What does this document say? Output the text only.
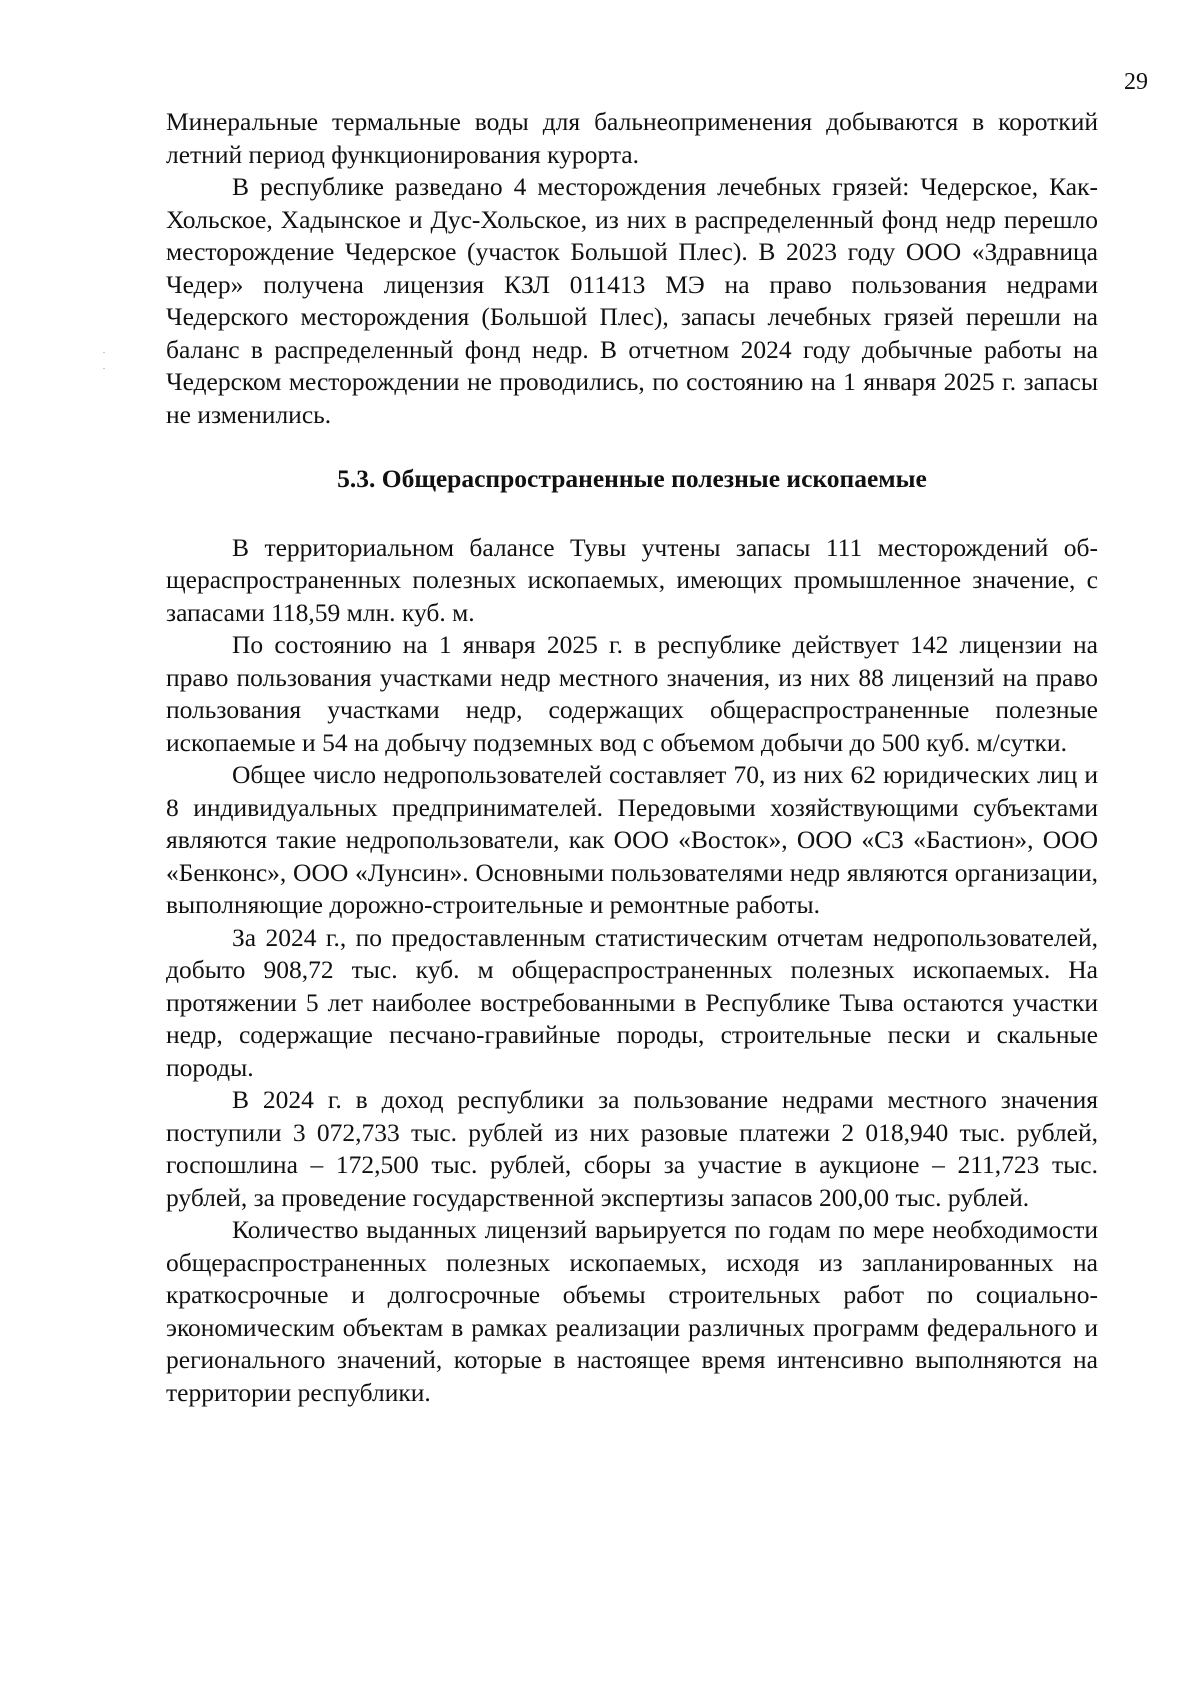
29

Минеральные термальные воды для бальнеоприменения добываются в короткий летний период функционирования курорта.

В республике разведано 4 месторождения лечебных грязей: Чедерское, Как-Хольское, Хадынское и Дус-Хольское, из них в распределенный фонд недр перешло месторождение Чедерское (участок Большой Плес). В 2023 году ООО «Здравница Чедер» получена лицензия КЗЛ 011413 МЭ на право пользования недрами Чедерского месторождения (Большой Плес), запасы лечебных грязей перешли на баланс в распределенный фонд недр. В отчетном 2024 году добычные работы на Чедерском месторождении не проводились, по состоянию на 1 января 2025 г. запасы не изменились.

5.3. Общераспространенные полезные ископаемые

В территориальном балансе Тувы учтены запасы 111 месторождений общераспространенных полезных ископаемых, имеющих промышленное значение, с запасами 118,59 млн. куб. м.

По состоянию на 1 января 2025 г. в республике действует 142 лицензии на право пользования участками недр местного значения, из них 88 лицензий на право пользования участками недр, содержащих общераспространенные полезные ископаемые и 54 на добычу подземных вод с объемом добычи до 500 куб. м/сутки.

Общее число недропользователей составляет 70, из них 62 юридических лиц и 8 индивидуальных предпринимателей. Передовыми хозяйствующими субъектами являются такие недропользователи, как ООО «Восток», ООО «СЗ «Бастион», ООО «Бенконс», ООО «Лунсин». Основными пользователями недр являются организации, выполняющие дорожно-строительные и ремонтные работы.

За 2024 г., по предоставленным статистическим отчетам недропользователей, добыто 908,72 тыс. куб. м общераспространенных полезных ископаемых. На протяжении 5 лет наиболее востребованными в Республике Тыва остаются участки недр, содержащие песчано-гравийные породы, строительные пески и скальные породы.

В 2024 г. в доход республики за пользование недрами местного значения поступили 3 072,733 тыс. рублей из них разовые платежи 2 018,940 тыс. рублей, госпошлина – 172,500 тыс. рублей, сборы за участие в аукционе – 211,723 тыс. рублей, за проведение государственной экспертизы запасов 200,00 тыс. рублей.

Количество выданных лицензий варьируется по годам по мере необходимости общераспространенных полезных ископаемых, исходя из запланированных на краткосрочные и долгосрочные объемы строительных работ по социально-экономическим объектам в рамках реализации различных программ федерального и регионального значений, которые в настоящее время интенсивно выполняются на территории республики.
